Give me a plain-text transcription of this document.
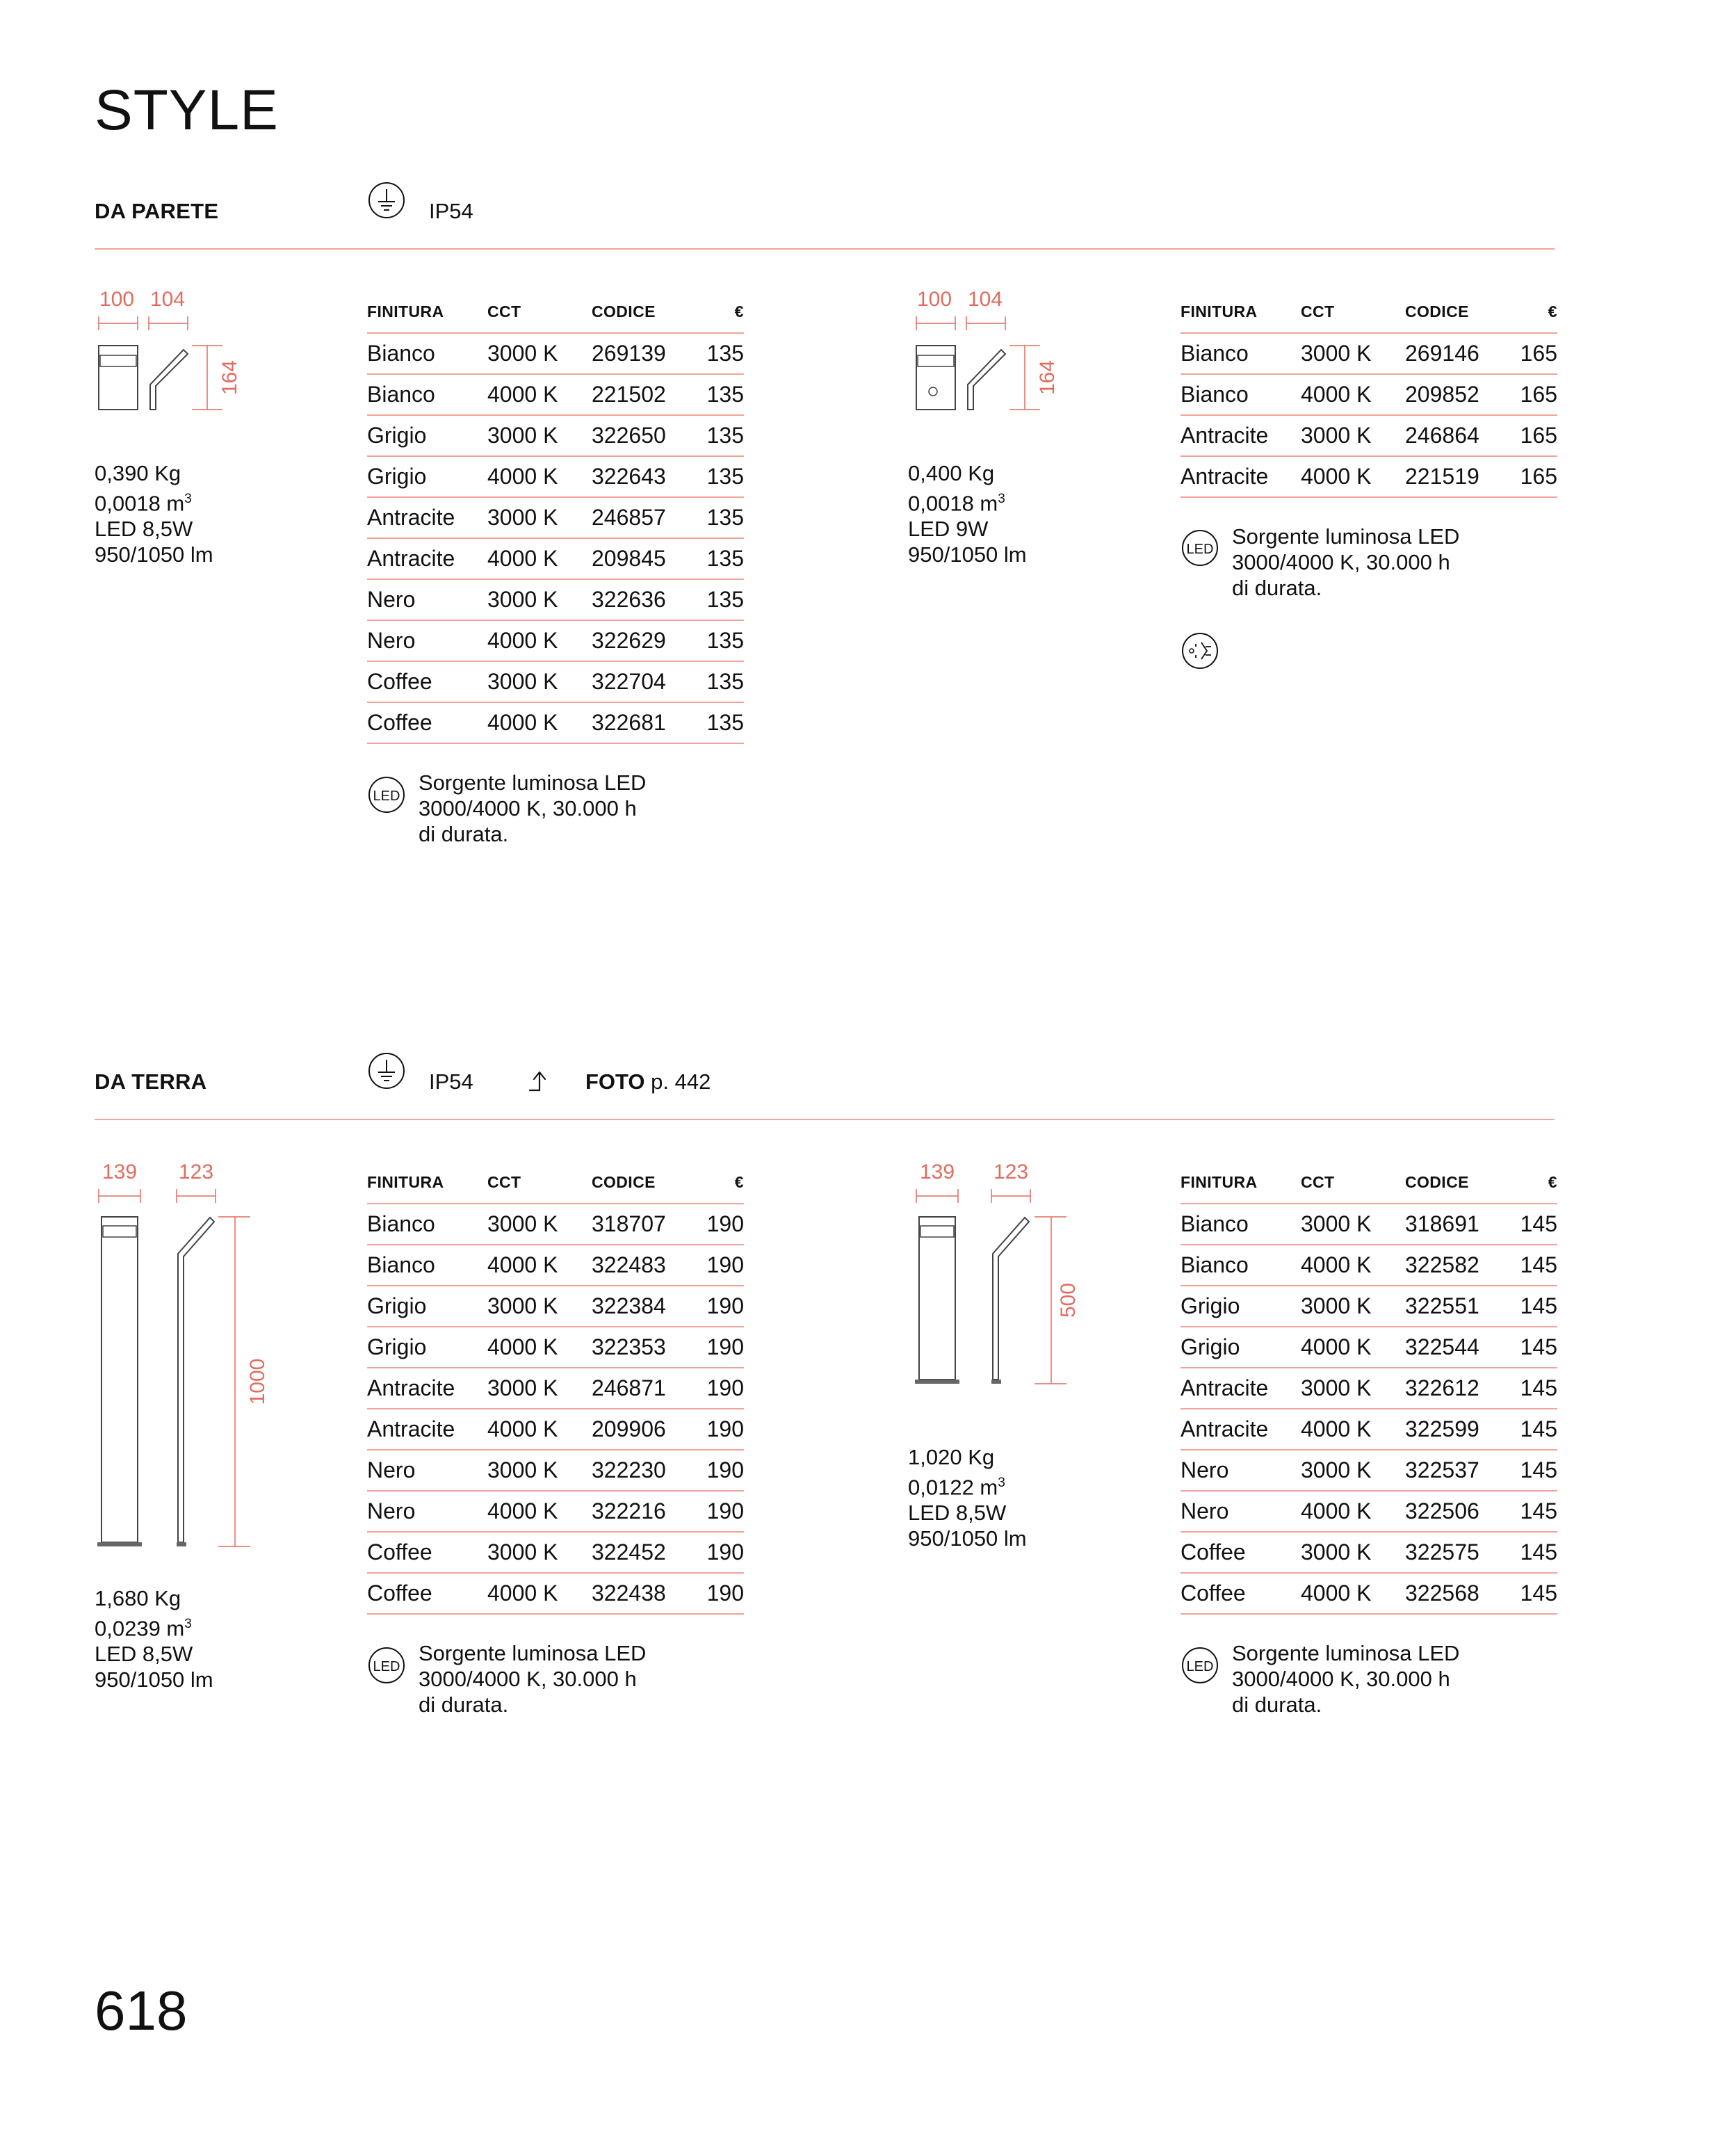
STYLE
DA PARETE	IP54
100 104
164
0,390 Kg
0,0018 $m^3$
LED 8,5W
950/1050 lm
FINITURA	CCT	CODICE	€
Bianco	3000 K	269139	135
Bianco	4000 K	221502	135
Grigio	3000 K	322650	135
Grigio	4000 K	322643	135
Antracite	3000 K	246857	135
Antracite	4000 K	209845	135
Nero	3000 K	322636	135
Nero	4000 K	322629	135
Coffee	3000 K	322704	135
Coffee	4000 K	322681	135
LED
Sorgente luminosa LED
3000/4000 K, 30.000 h
di durata.
100 104
164
0,400 Kg
0,0018 $m^3$
LED 9W
950/1050 lm
FINITURA	CCT	CODICE	€
Bianco	3000 K	269146	165
Bianco	4000 K	209852	165
Antracite	3000 K	246864	165
Antracite	4000 K	221519	165
LED
Sorgente luminosa LED
3000/4000 K, 30.000 h
di durata.
DA TERRA	IP54	FOTO p. 442
139 123
1000
1,680 Kg
0,0239 $m^3$
LED 8,5W
950/1050 lm
FINITURA	CCT	CODICE	€
Bianco	3000 K	318707	190
Bianco	4000 K	322483	190
Grigio	3000 K	322384	190
Grigio	4000 K	322353	190
Antracite	3000 K	246871	190
Antracite	4000 K	209906	190
Nero	3000 K	322230	190
Nero	4000 K	322216	190
Coffee	3000 K	322452	190
Coffee	4000 K	322438	190
LED
Sorgente luminosa LED
3000/4000 K, 30.000 h
di durata.
139 123
500
1,020 Kg
0,0122 $m^3$
LED 8,5W
950/1050 lm
FINITURA	CCT	CODICE	€
Bianco	3000 K	318691	145
Bianco	4000 K	322582	145
Grigio	3000 K	322551	145
Grigio	4000 K	322544	145
Antracite	3000 K	322612	145
Antracite	4000 K	322599	145
Nero	3000 K	322537	145
Nero	4000 K	322506	145
Coffee	3000 K	322575	145
Coffee	4000 K	322568	145
LED
Sorgente luminosa LED
3000/4000 K, 30.000 h
di durata.
618
